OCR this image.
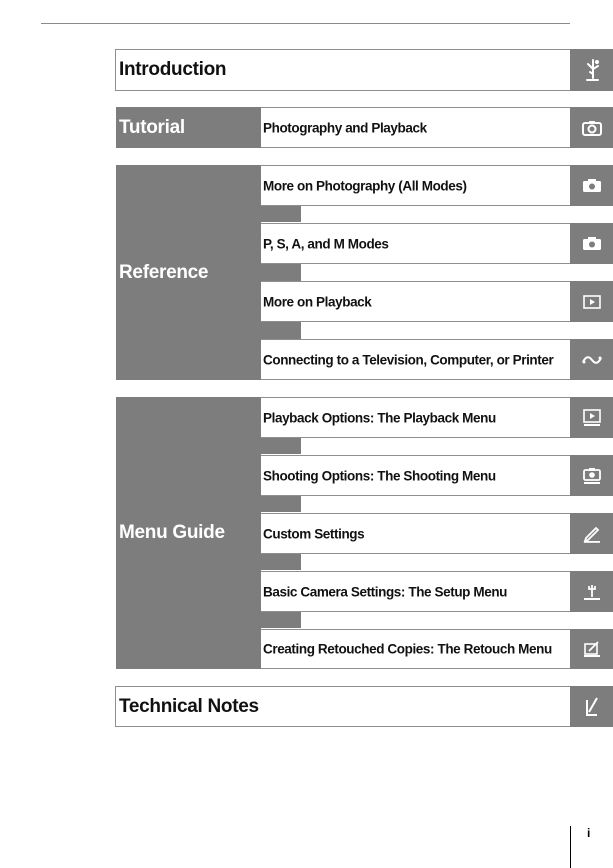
Introduction
Tutorial	Photography and Playback
Reference
More on Photography (All Modes)
P, S, A, and M Modes
More on Playback
Connecting to a Television, Computer, or Printer
Menu Guide
Playback Options: The Playback Menu
Shooting Options: The Shooting Menu
Custom Settings
Basic Camera Settings: The Setup Menu
Creating Retouched Copies: The Retouch Menu
Technical Notes
i
